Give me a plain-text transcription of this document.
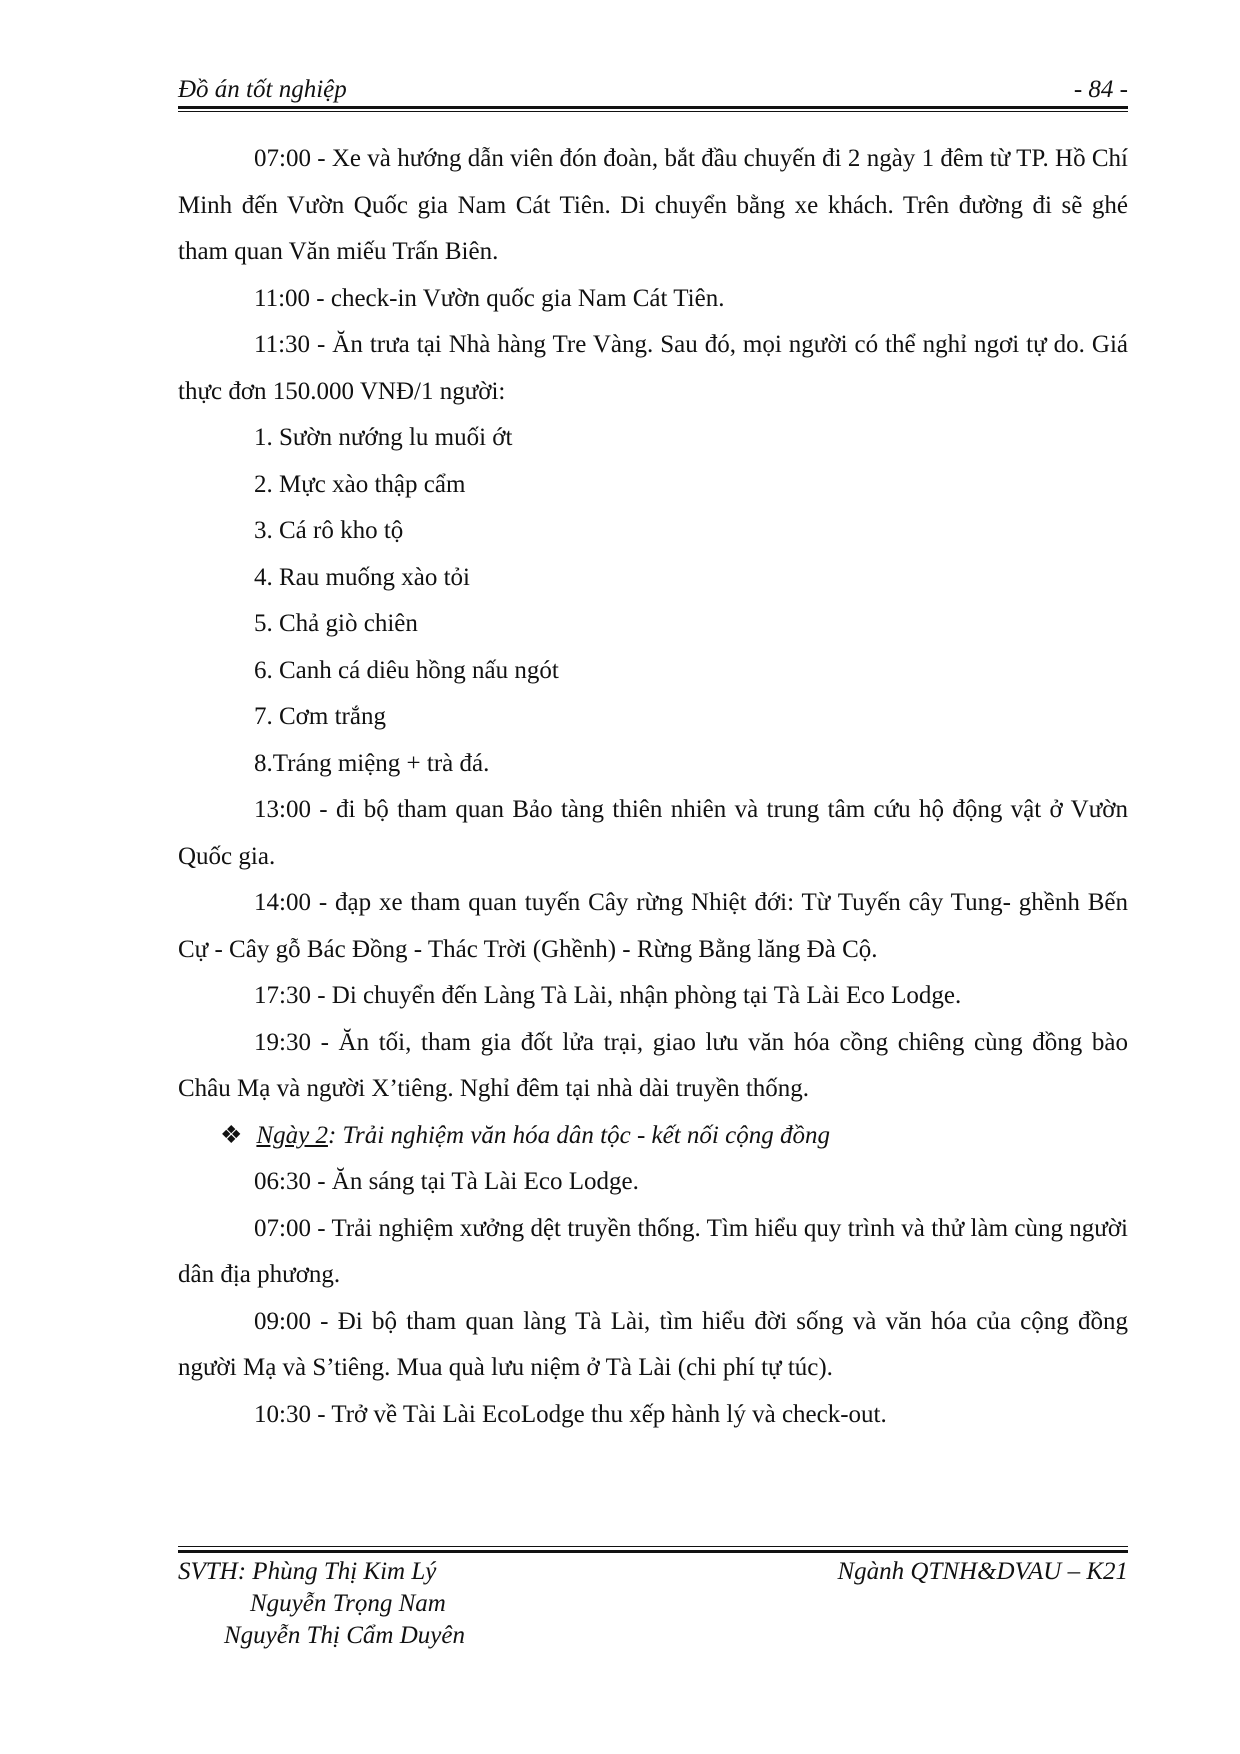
Đồ án tốt nghiệp	- 84 -

07:00 - Xe và hướng dẫn viên đón đoàn, bắt đầu chuyến đi 2 ngày 1 đêm từ TP. Hồ Chí Minh đến Vườn Quốc gia Nam Cát Tiên. Di chuyển bằng xe khách. Trên đường đi sẽ ghé tham quan Văn miếu Trấn Biên.

11:00 - check-in Vườn quốc gia Nam Cát Tiên.

11:30 - Ăn trưa tại Nhà hàng Tre Vàng. Sau đó, mọi người có thể nghỉ ngơi tự do. Giá thực đơn 150.000 VNĐ/1 người:

1. Sườn nướng lu muối ớt

2. Mực xào thập cẩm

3. Cá rô kho tộ

4. Rau muống xào tỏi

5. Chả giò chiên

6. Canh cá diêu hồng nấu ngót

7. Cơm trắng

8.Tráng miệng + trà đá.

13:00 - đi bộ tham quan Bảo tàng thiên nhiên và trung tâm cứu hộ động vật ở Vườn Quốc gia.

14:00 - đạp xe tham quan tuyến Cây rừng Nhiệt đới: Từ Tuyến cây Tung- ghềnh Bến Cự - Cây gỗ Bác Đồng - Thác Trời (Ghềnh) - Rừng Bằng lăng Đà Cộ.

17:30 - Di chuyển đến Làng Tà Lài, nhận phòng tại Tà Lài Eco Lodge.

19:30 - Ăn tối, tham gia đốt lửa trại, giao lưu văn hóa cồng chiêng cùng đồng bào Châu Mạ và người X’tiêng. Nghỉ đêm tại nhà dài truyền thống.

❖ Ngày 2: Trải nghiệm văn hóa dân tộc - kết nối cộng đồng

06:30 - Ăn sáng tại Tà Lài Eco Lodge.

07:00 - Trải nghiệm xưởng dệt truyền thống. Tìm hiểu quy trình và thử làm cùng người dân địa phương.

09:00 - Đi bộ tham quan làng Tà Lài, tìm hiểu đời sống và văn hóa của cộng đồng người Mạ và S’tiêng. Mua quà lưu niệm ở Tà Lài (chi phí tự túc).

10:30 - Trở về Tài Lài EcoLodge thu xếp hành lý và check-out.

SVTH: Phùng Thị Kim Lý
Nguyễn Trọng Nam
Nguyễn Thị Cẩm Duyên
Ngành QTNH&DVAU – K21
